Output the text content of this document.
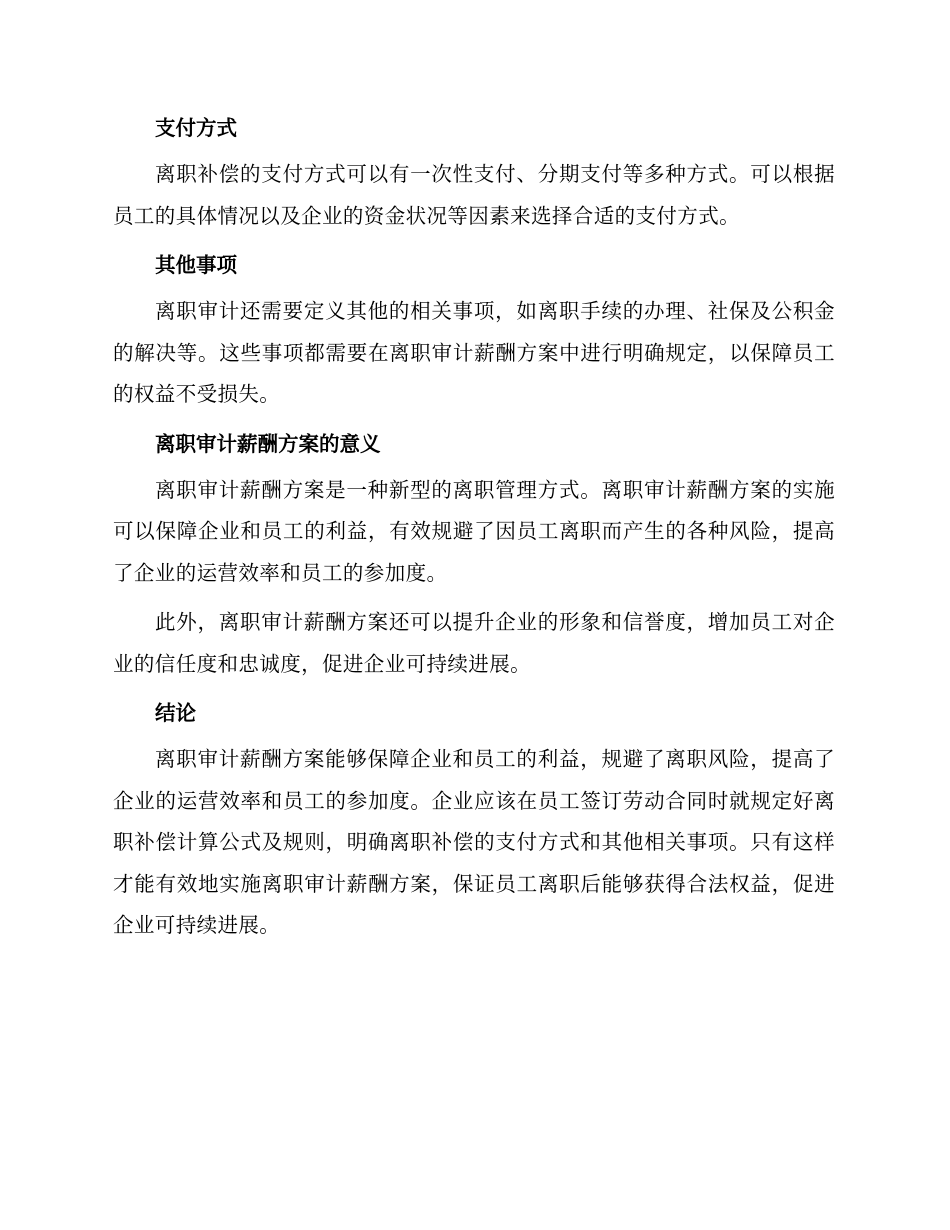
支付方式

离职补偿的支付方式可以有一次性支付、分期支付等多种方式。可以根据员工的具体情况以及企业的资金状况等因素来选择合适的支付方式。

其他事项

离职审计还需要定义其他的相关事项，如离职手续的办理、社保及公积金的解决等。这些事项都需要在离职审计薪酬方案中进行明确规定，以保障员工的权益不受损失。

离职审计薪酬方案的意义

离职审计薪酬方案是一种新型的离职管理方式。离职审计薪酬方案的实施可以保障企业和员工的利益，有效规避了因员工离职而产生的各种风险，提高了企业的运营效率和员工的参加度。

此外，离职审计薪酬方案还可以提升企业的形象和信誉度，增加员工对企业的信任度和忠诚度，促进企业可持续进展。

结论

离职审计薪酬方案能够保障企业和员工的利益，规避了离职风险，提高了企业的运营效率和员工的参加度。企业应该在员工签订劳动合同时就规定好离职补偿计算公式及规则，明确离职补偿的支付方式和其他相关事项。只有这样才能有效地实施离职审计薪酬方案，保证员工离职后能够获得合法权益，促进企业可持续进展。
